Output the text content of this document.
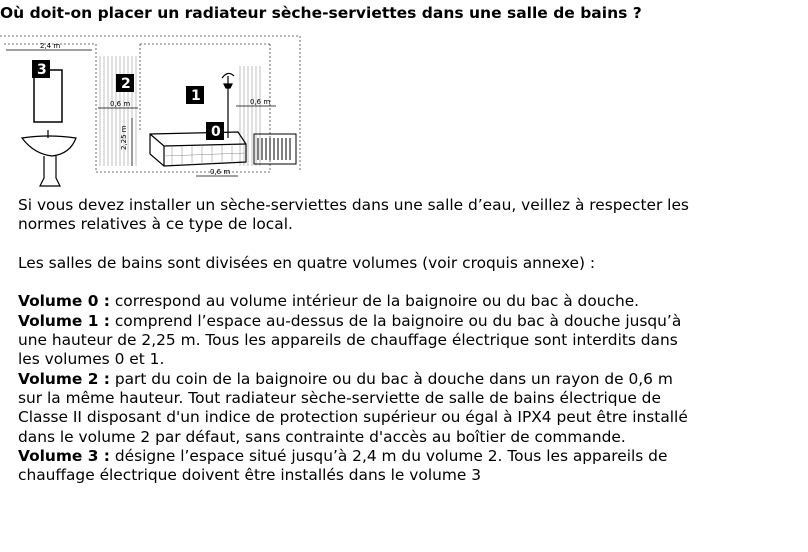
Où doit-on placer un radiateur sèche-serviettes dans une salle de bains ?
2,4 m
0,6 m	0,6 m
2,25 m
0,6 m
3
2
1
0

Si vous devez installer un sèche-serviettes dans une salle d’eau, veillez à respecter les

normes relatives à ce type de local.

Les salles de bains sont divisées en quatre volumes (voir croquis annexe) :

Volume 0 : correspond au volume intérieur de la baignoire ou du bac à douche.

Volume 1 : comprend l’espace au-dessus de la baignoire ou du bac à douche jusqu’à

une hauteur de 2,25 m. Tous les appareils de chauffage électrique sont interdits dans

les volumes 0 et 1.

Volume 2 : part du coin de la baignoire ou du bac à douche dans un rayon de 0,6 m

sur la même hauteur. Tout radiateur sèche-serviette de salle de bains électrique de

Classe II disposant d'un indice de protection supérieur ou égal à IPX4 peut être installé

dans le volume 2 par défaut, sans contrainte d'accès au boîtier de commande.

Volume 3 : désigne l’espace situé jusqu’à 2,4 m du volume 2. Tous les appareils de

chauffage électrique doivent être installés dans le volume 3
